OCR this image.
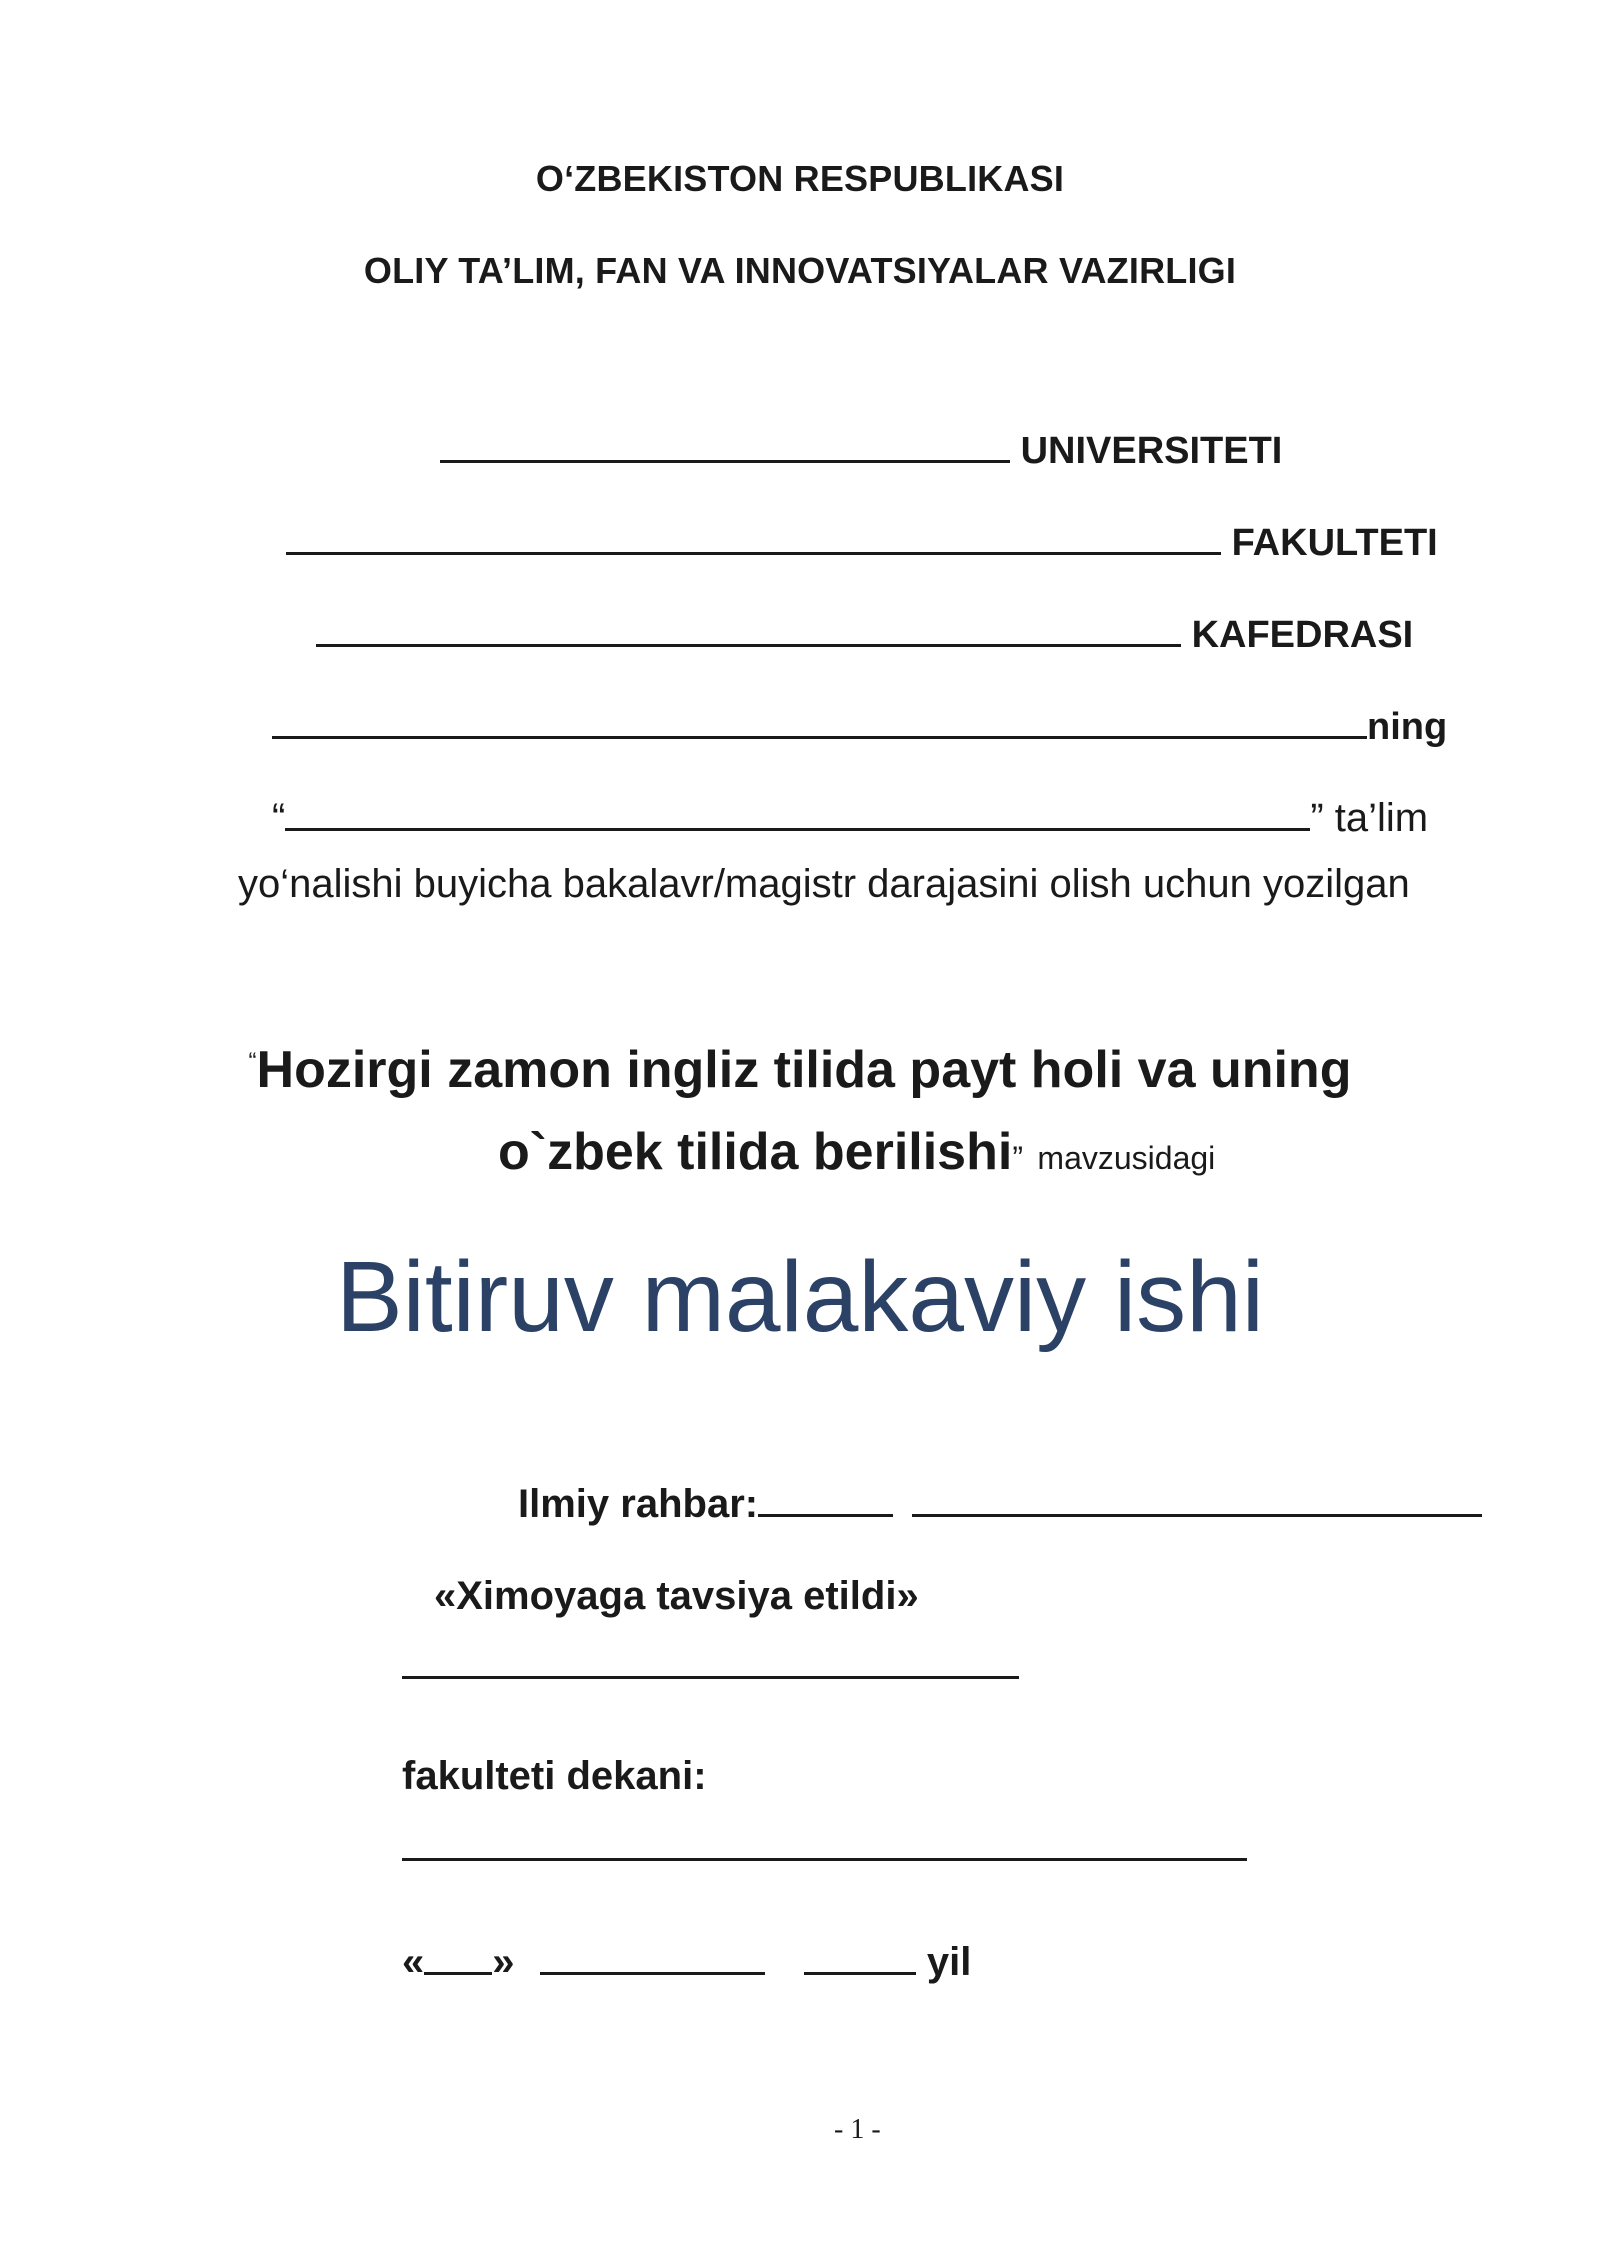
O‘ZBEKISTON RESPUBLIKASI
OLIY TA’LIM, FAN VA INNOVATSIYALAR VAZIRLIGI
UNIVERSITETI
FAKULTETI
KAFEDRASI
ning
“	” ta’lim
yo‘nalishi buyicha bakalavr/magistr darajasini olish uchun yozilgan
“Hozirgi zamon ingliz tilida payt holi va uning
o`zbek tilida berilishi” mavzusidagi
Bitiruv malakaviy ishi
Ilmiy rahbar:
«Ximoyaga tavsiya etildi»
fakulteti dekani:
« »	yil
- 1 -
